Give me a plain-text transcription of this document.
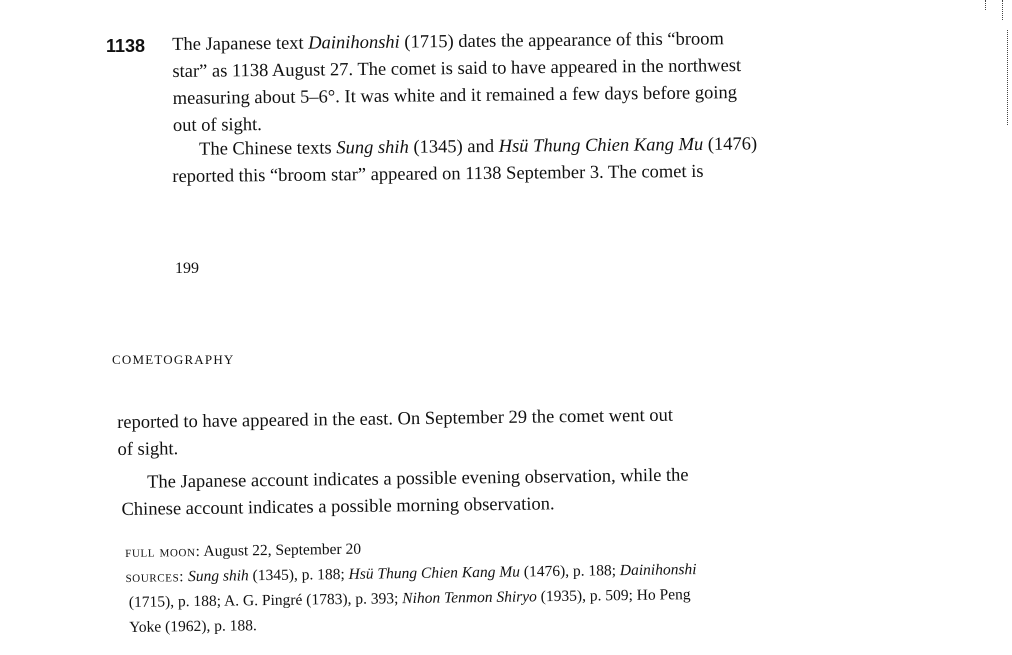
1138 The Japanese text Dainihonshi (1715) dates the appearance of this “broom
star” as 1138 August 27. The comet is said to have appeared in the northwest
measuring about 5–6°. It was white and it remained a few days before going
out of sight.

The Chinese texts Sung shih (1345) and Hsü Thung Chien Kang Mu (1476)
reported this “broom star” appeared on 1138 September 3. The comet is

199
COMETOGRAPHY

reported to have appeared in the east. On September 29 the comet went out
of sight.

The Japanese account indicates a possible evening observation, while the
Chinese account indicates a possible morning observation.

full moon: August 22, September 20
sources: Sung shih (1345), p. 188; Hsü Thung Chien Kang Mu (1476), p. 188; Dainihonshi
(1715), p. 188; A. G. Pingré (1783), p. 393; Nihon Tenmon Shiryo (1935), p. 509; Ho Peng
Yoke (1962), p. 188.
